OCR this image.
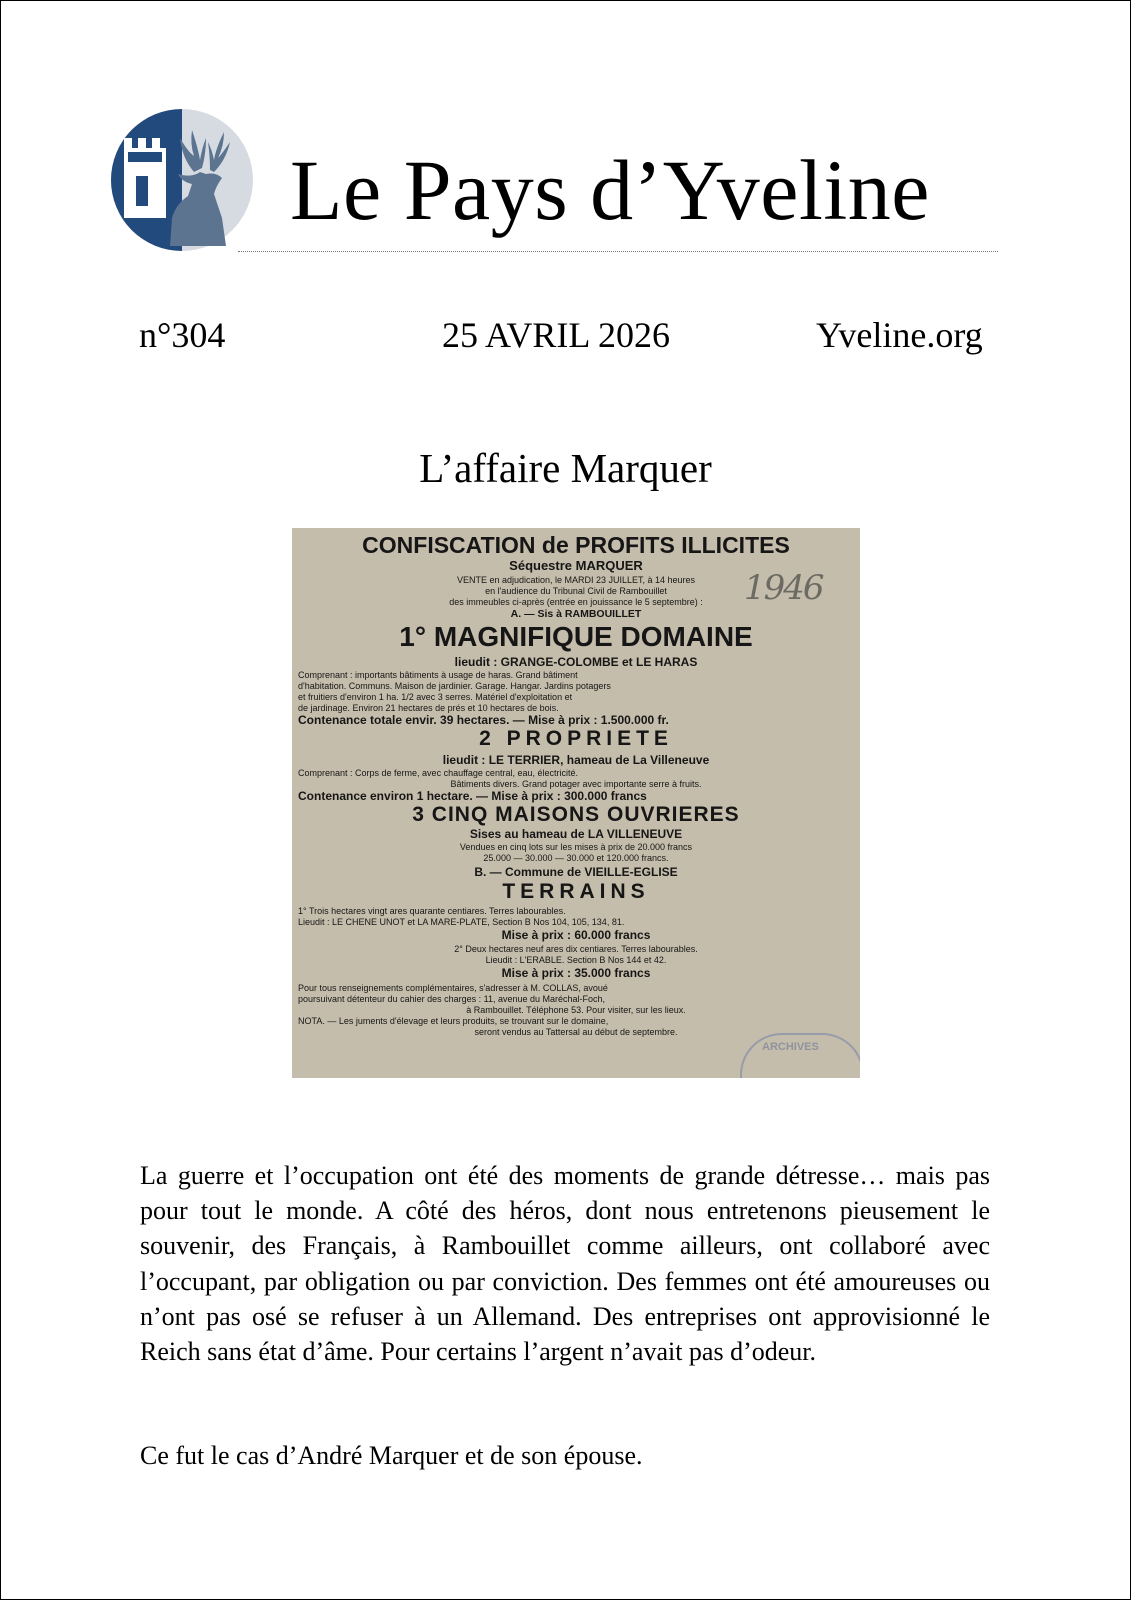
Le Pays d’Yveline
n°304	25 AVRIL 2026	Yveline.org
L’affaire Marquer
CONFISCATION de PROFITS ILLICITES
Séquestre MARQUER
VENTE en adjudication, le MARDI 23 JUILLET, à 14 heures
en l'audience du Tribunal Civil de Rambouillet
des immeubles ci-après (entrée en jouissance le 5 septembre) :
A. — Sis à RAMBOUILLET
1° MAGNIFIQUE DOMAINE
lieudit : GRANGE-COLOMBE et LE HARAS
Comprenant : importants bâtiments à usage de haras. Grand bâtiment
d'habitation. Communs. Maison de jardinier. Garage. Hangar. Jardins potagers
et fruitiers d'environ 1 ha. 1/2 avec 3 serres. Matériel d'exploitation et
de jardinage. Environ 21 hectares de prés et 10 hectares de bois.
Contenance totale envir. 39 hectares. — Mise à prix : 1.500.000 fr.
2 PROPRIETE
lieudit : LE TERRIER, hameau de La Villeneuve
Comprenant : Corps de ferme, avec chauffage central, eau, électricité.
Bâtiments divers. Grand potager avec importante serre à fruits.
Contenance environ 1 hectare. — Mise à prix : 300.000 francs
3 CINQ MAISONS OUVRIERES
Sises au hameau de LA VILLENEUVE
Vendues en cinq lots sur les mises à prix de 20.000 francs
25.000 — 30.000 — 30.000 et 120.000 francs.
B. — Commune de VIEILLE-EGLISE
TERRAINS
1° Trois hectares vingt ares quarante centiares. Terres labourables.
Lieudit : LE CHENE UNOT et LA MARE-PLATE, Section B Nos 104, 105, 134, 81.
Mise à prix : 60.000 francs
2° Deux hectares neuf ares dix centiares. Terres labourables.
Lieudit : L'ERABLE. Section B Nos 144 et 42.
Mise à prix : 35.000 francs
Pour tous renseignements complémentaires, s'adresser à M. COLLAS, avoué
poursuivant détenteur du cahier des charges : 11, avenue du Maréchal-Foch,
à Rambouillet. Téléphone 53. Pour visiter, sur les lieux.
NOTA. — Les juments d'élevage et leurs produits, se trouvant sur le domaine,
seront vendus au Tattersal au début de septembre.
1946
ARCHIVES
La guerre et l’occupation ont été des moments de grande détresse… mais pas pour tout le monde. A côté des héros, dont nous entretenons pieusement le souvenir, des Français, à Rambouillet comme ailleurs, ont collaboré avec l’occupant, par obligation ou par conviction. Des femmes ont été amoureuses ou n’ont pas osé se refuser à un Allemand. Des entreprises ont approvisionné le Reich sans état d’âme. Pour certains l’argent n’avait pas d’odeur.
Ce fut le cas d’André Marquer et de son épouse.
